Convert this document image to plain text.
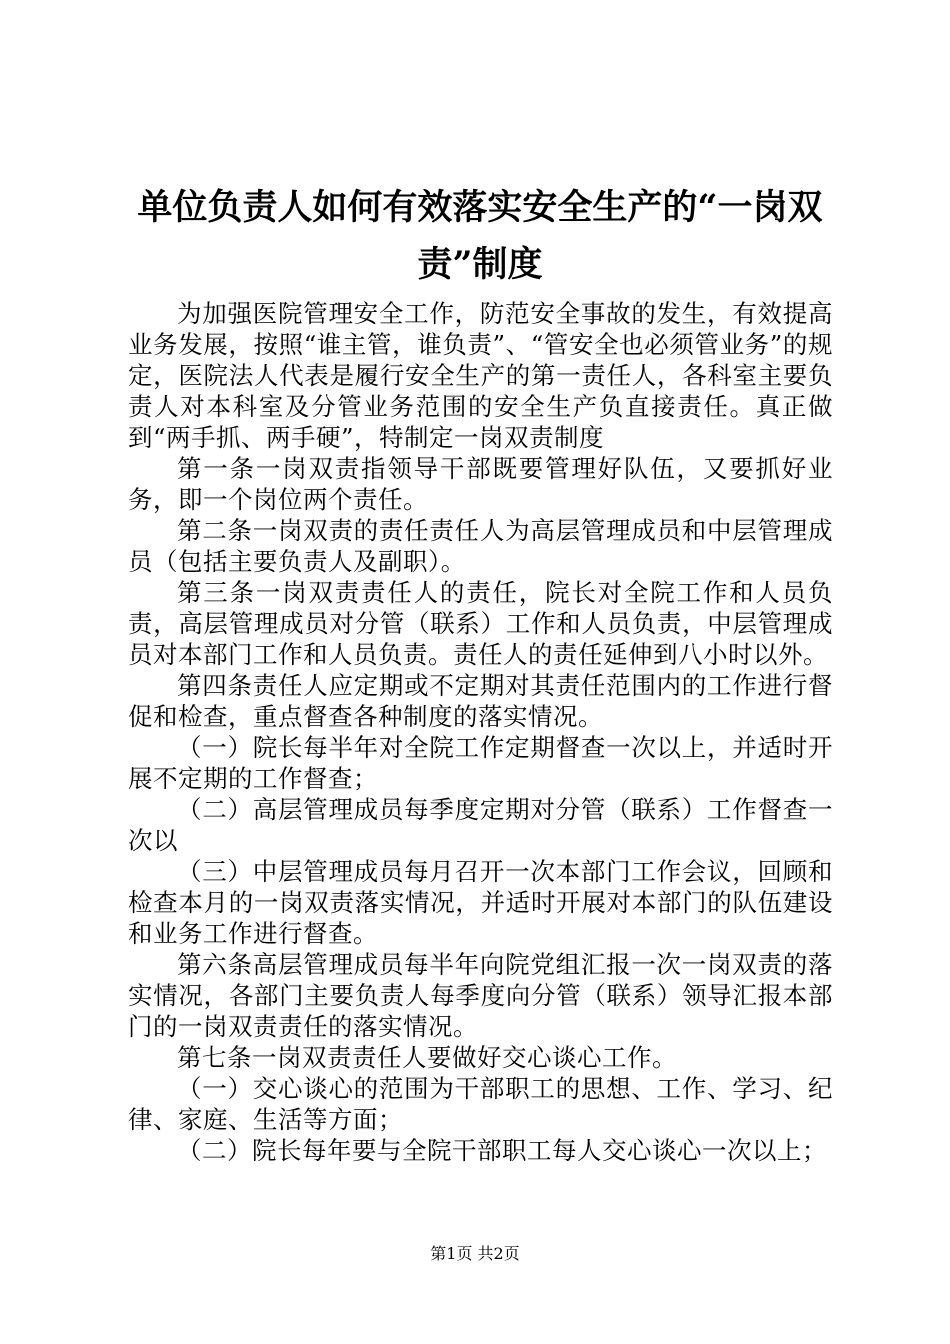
单位负责人如何有效落实安全生产的“一岗双
责”制度

为加强医院管理安全工作，防范安全事故的发生，有效提高业务发展，按照“谁主管，谁负责”、“管安全也必须管业务”的规定，医院法人代表是履行安全生产的第一责任人，各科室主要负责人对本科室及分管业务范围的安全生产负直接责任。真正做到“两手抓、两手硬”，特制定一岗双责制度

第一条一岗双责指领导干部既要管理好队伍，又要抓好业务，即一个岗位两个责任。

第二条一岗双责的责任责任人为高层管理成员和中层管理成员（包括主要负责人及副职）。

第三条一岗双责责任人的责任，院长对全院工作和人员负责，高层管理成员对分管（联系）工作和人员负责，中层管理成员对本部门工作和人员负责。责任人的责任延伸到八小时以外。

第四条责任人应定期或不定期对其责任范围内的工作进行督促和检查，重点督查各种制度的落实情况。

（一）院长每半年对全院工作定期督查一次以上，并适时开展不定期的工作督查；

（二）高层管理成员每季度定期对分管（联系）工作督查一次以

（三）中层管理成员每月召开一次本部门工作会议，回顾和检查本月的一岗双责落实情况，并适时开展对本部门的队伍建设和业务工作进行督查。

第六条高层管理成员每半年向院党组汇报一次一岗双责的落实情况，各部门主要负责人每季度向分管（联系）领导汇报本部门的一岗双责责任的落实情况。

第七条一岗双责责任人要做好交心谈心工作。

（一）交心谈心的范围为干部职工的思想、工作、学习、纪律、家庭、生活等方面；

（二）院长每年要与全院干部职工每人交心谈心一次以上；

第1页 共2页
